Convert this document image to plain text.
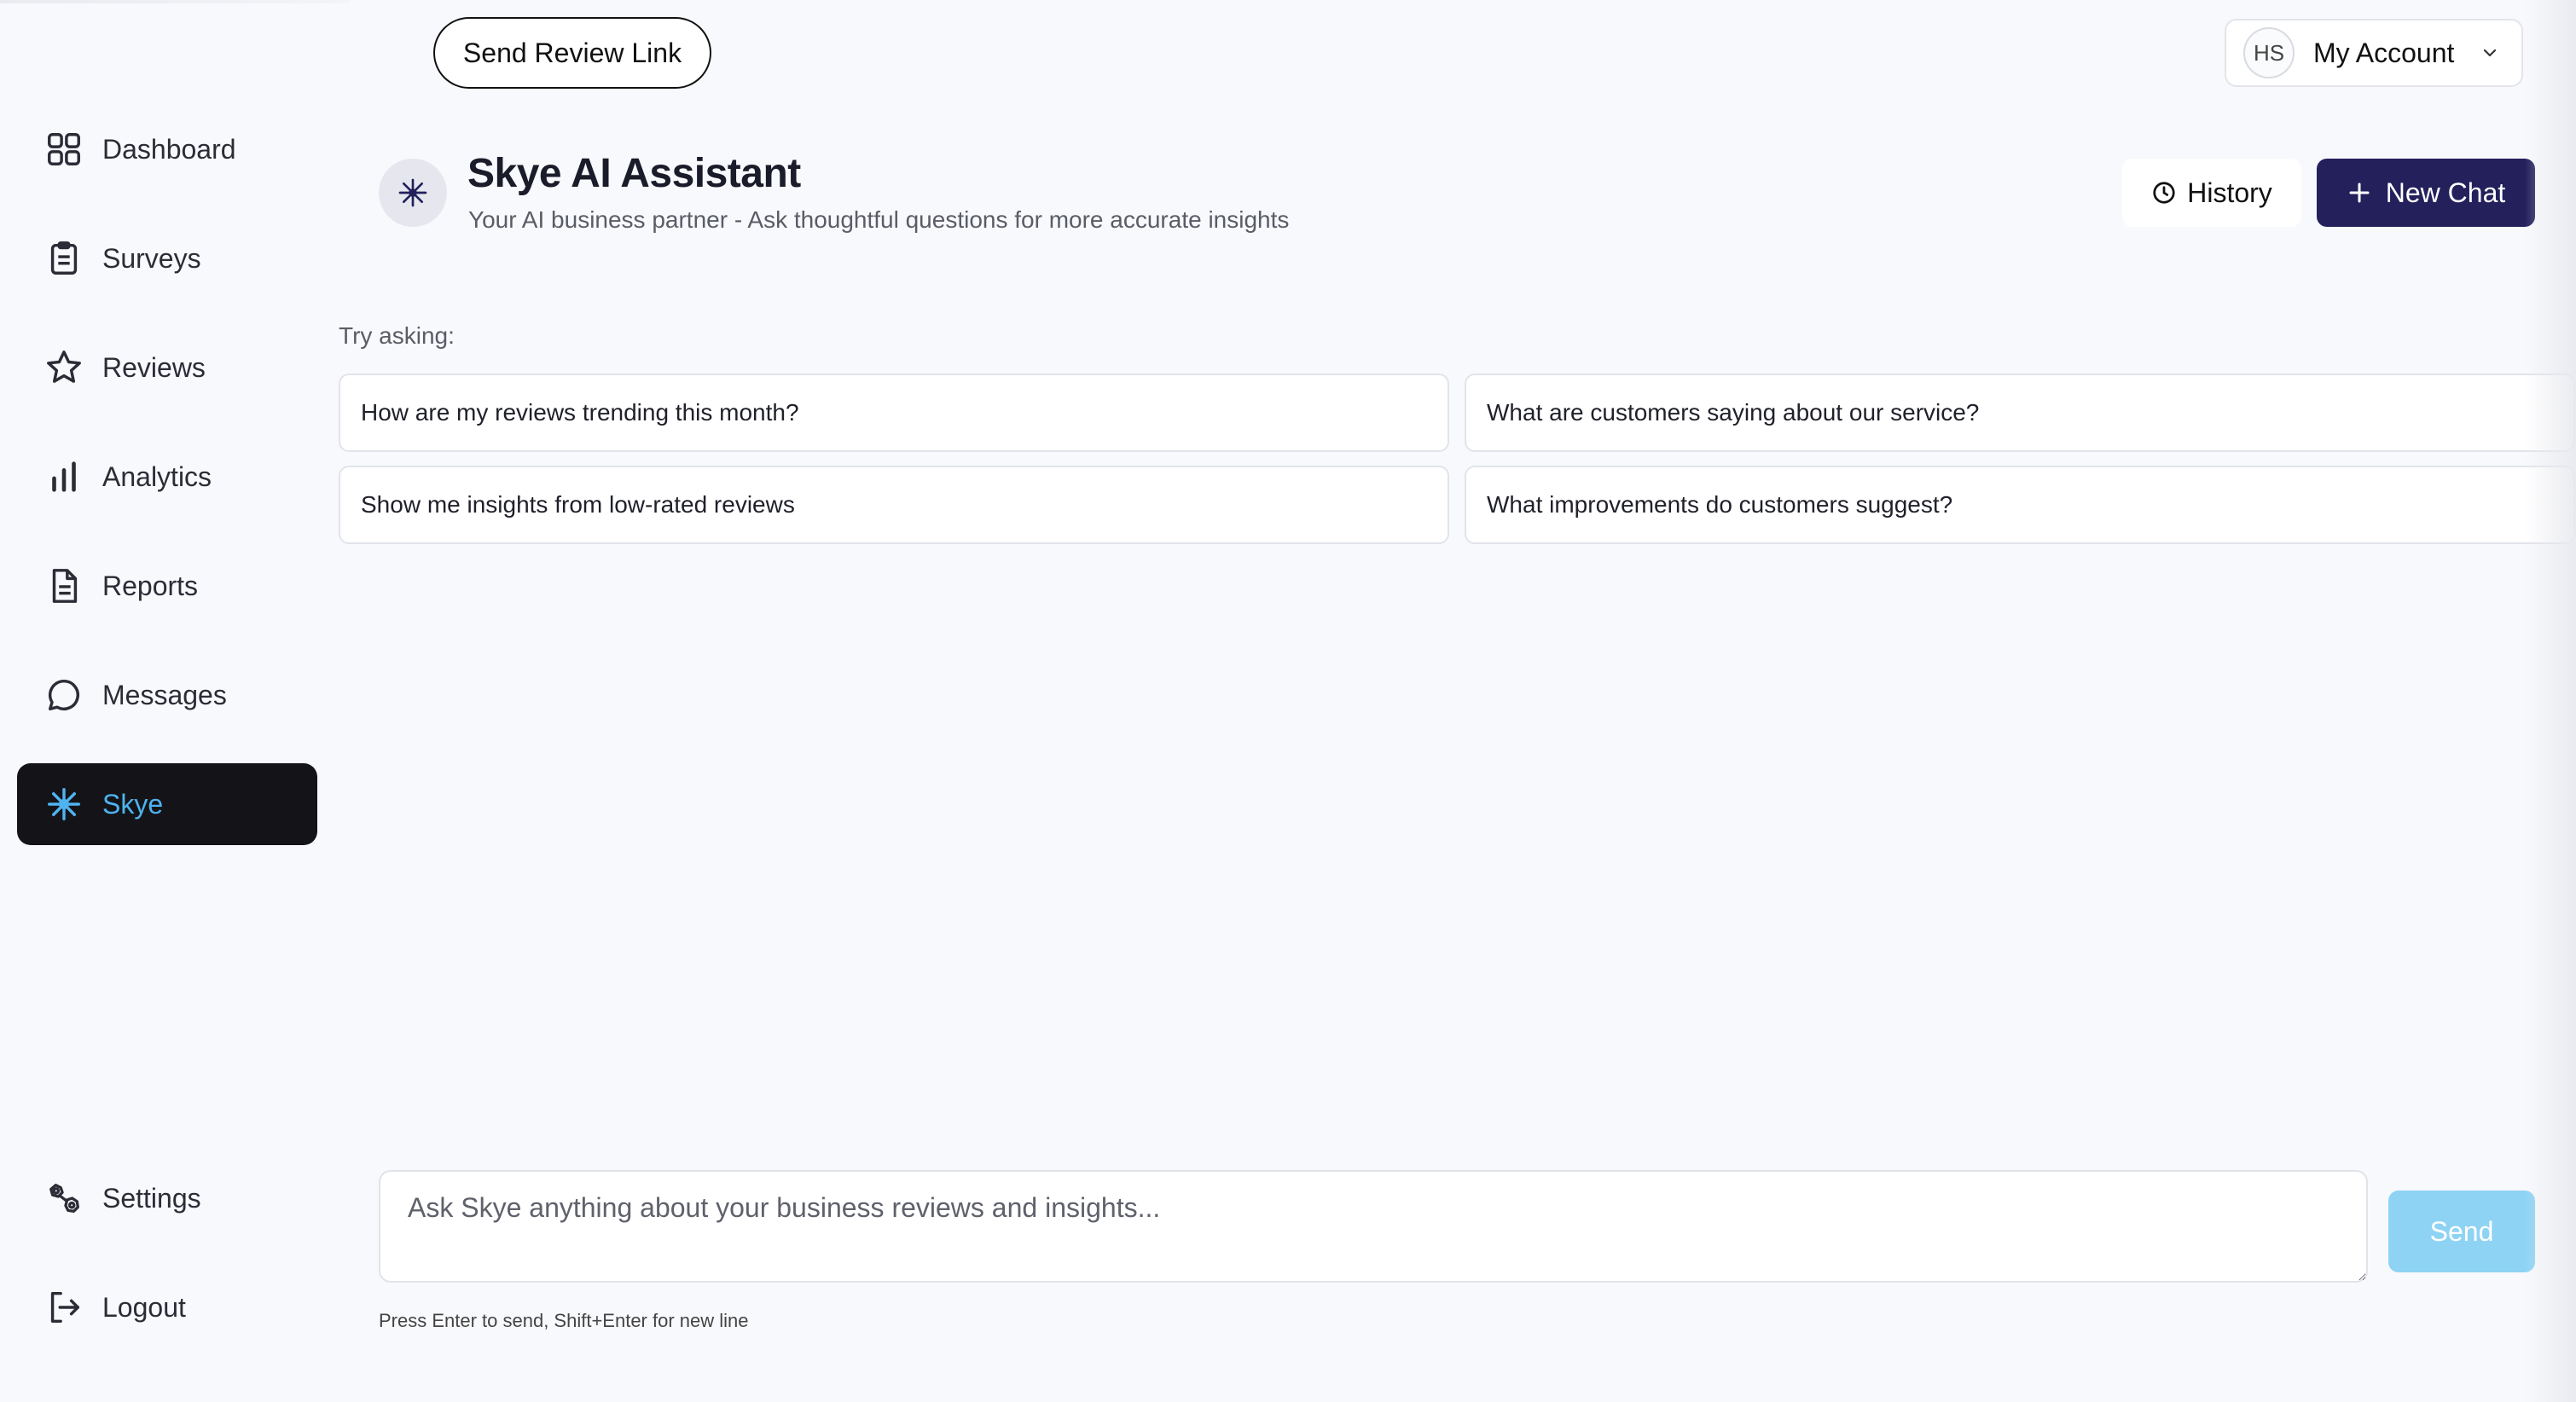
Dashboard
Surveys
Reviews
Analytics
Reports
Messages
Skye
Settings
Logout
Send Review Link	HS	My Account
Skye AI Assistant

Your AI business partner - Ask thoughtful questions for more accurate insights

History	New Chat
Try asking:
How are my reviews trending this month?	What are customers saying about our service?
Show me insights from low-rated reviews	What improvements do customers suggest?
Ask Skye anything about your business reviews and insights...
Send
Press Enter to send, Shift+Enter for new line
